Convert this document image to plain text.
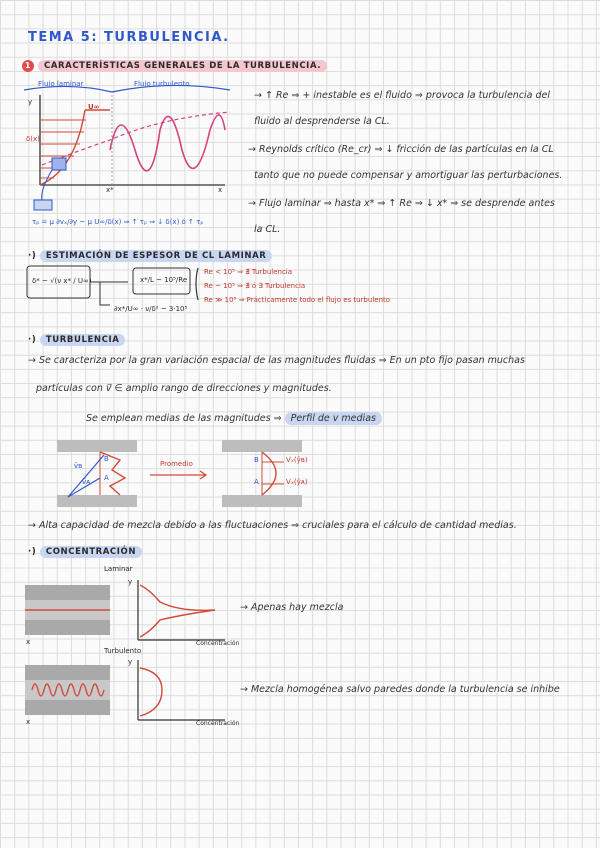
TEMA 5: TURBULENCIA.
1 CARACTERÍSTICAS GENERALES DE LA TURBULENCIA.
Flujo laminar	Flujo turbulento
U∞
δ(x)
x*	x
y
τₚ = μ ∂vₓ/∂y ~ μ U∞/δ(x) ⇒ ↑ τₚ ⇒ ↓ δ(x) ó ↑ τₚ
→ ↑ Re ⇒ + inestable es el fluido ⇒ provoca la turbulencia del
fluido al desprenderse la CL.
→ Reynolds crítico (Re_cr) ⇒ ↓ fricción de las partículas en la CL
tanto que no puede compensar y amortiguar las perturbaciones.
→ Flujo laminar ⇒ hasta x* ⇒ ↑ Re ⇒ ↓ x* ⇒ se desprende antes
la CL.
·) ESTIMACIÓN DE ESPESOR DE CL LAMINAR
δ* ~ √(ν x* / U∞)	x*/L ~ 10⁵/Re
∂x*/U∞ · ν/δ² ~ 3·10⁵
Re < 10⁵ ⇒ ∄ Turbulencia
Re ~ 10⁵ ⇒ ∄ ó ∃ Turbulencia
Re ≫ 10⁵ ⇒ Prácticamente todo el flujo es turbulento
·) TURBULENCIA
→ Se caracteriza por la gran variación espacial de las magnitudes fluidas ⇒ En un pto fijo pasan muchas
partículas con v⃗ ∈ amplio rango de direcciones y magnitudes.
Se emplean medias de las magnitudes ⇒ Perfil de v medias
Promedio
v̄ʙ
v̄ᴀ
B
A
B
A
Vₓ(ŷʙ)
Vₓ(ŷᴀ)
→ Alta capacidad de mezcla debido a las fluctuaciones ⇒ cruciales para el cálculo de cantidad medias.
·) CONCENTRACIÓN
Laminar
Turbulento
y
y
x
x
Concentración
Concentración
→ Apenas hay mezcla
→ Mezcla homogénea salvo paredes donde la turbulencia se inhibe
